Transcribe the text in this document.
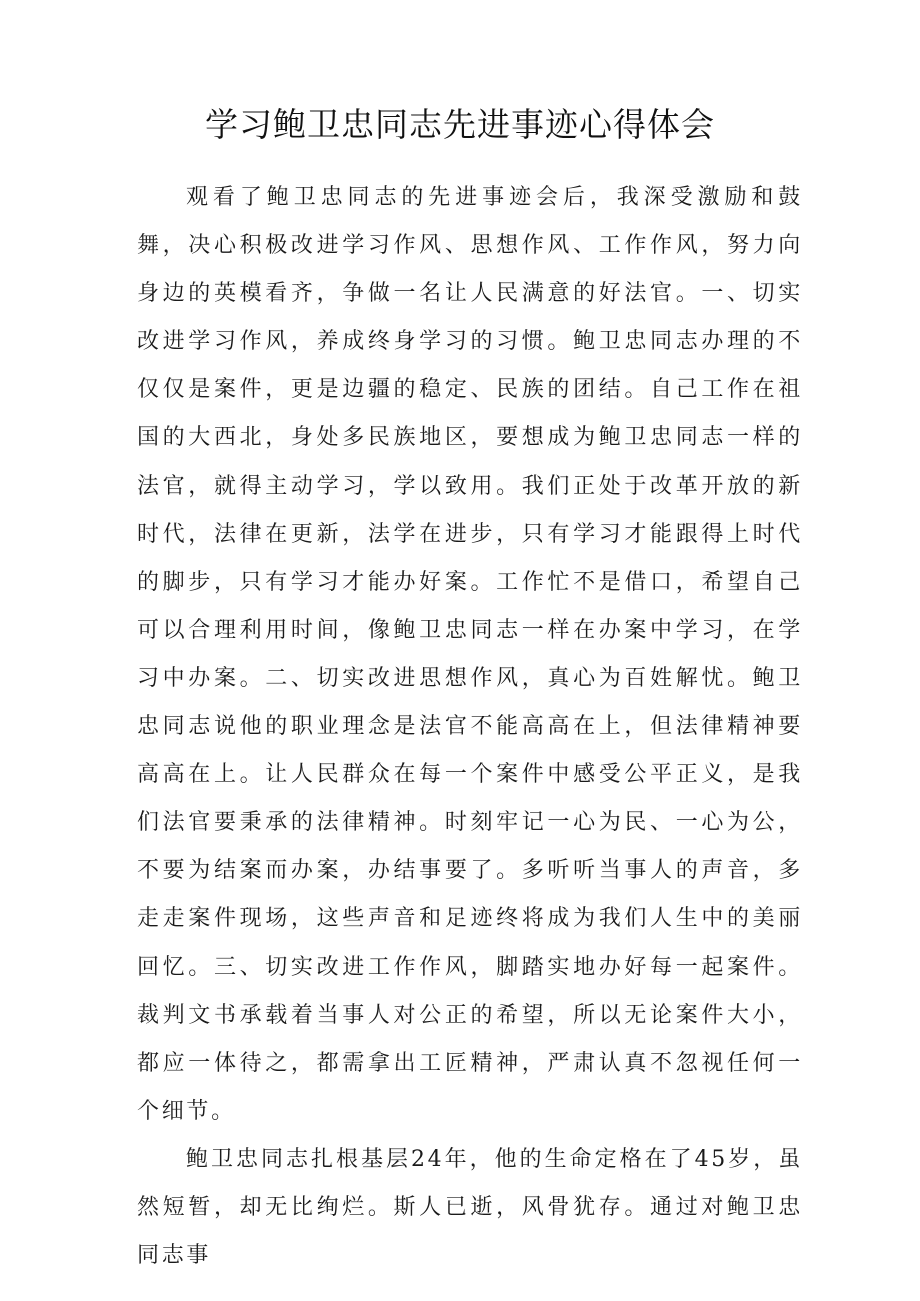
学习鲍卫忠同志先进事迹心得体会

观看了鲍卫忠同志的先进事迹会后，我深受激励和鼓舞，决心积极改进学习作风、思想作风、工作作风，努力向身边的英模看齐，争做一名让人民满意的好法官。一、切实改进学习作风，养成终身学习的习惯。鲍卫忠同志办理的不仅仅是案件，更是边疆的稳定、民族的团结。自己工作在祖国的大西北，身处多民族地区，要想成为鲍卫忠同志一样的法官，就得主动学习，学以致用。我们正处于改革开放的新时代，法律在更新，法学在进步，只有学习才能跟得上时代的脚步，只有学习才能办好案。工作忙不是借口，希望自己可以合理利用时间，像鲍卫忠同志一样在办案中学习，在学习中办案。二、切实改进思想作风，真心为百姓解忧。鲍卫忠同志说他的职业理念是法官不能高高在上，但法律精神要高高在上。让人民群众在每一个案件中感受公平正义，是我们法官要秉承的法律精神。时刻牢记一心为民、一心为公，不要为结案而办案，办结事要了。多听听当事人的声音，多走走案件现场，这些声音和足迹终将成为我们人生中的美丽回忆。三、切实改进工作作风，脚踏实地办好每一起案件。裁判文书承载着当事人对公正的希望，所以无论案件大小，都应一体待之，都需拿出工匠精神，严肃认真不忽视任何一个细节。

鲍卫忠同志扎根基层24年，他的生命定格在了45岁，虽然短暂，却无比绚烂。斯人已逝，风骨犹存。通过对鲍卫忠同志事
